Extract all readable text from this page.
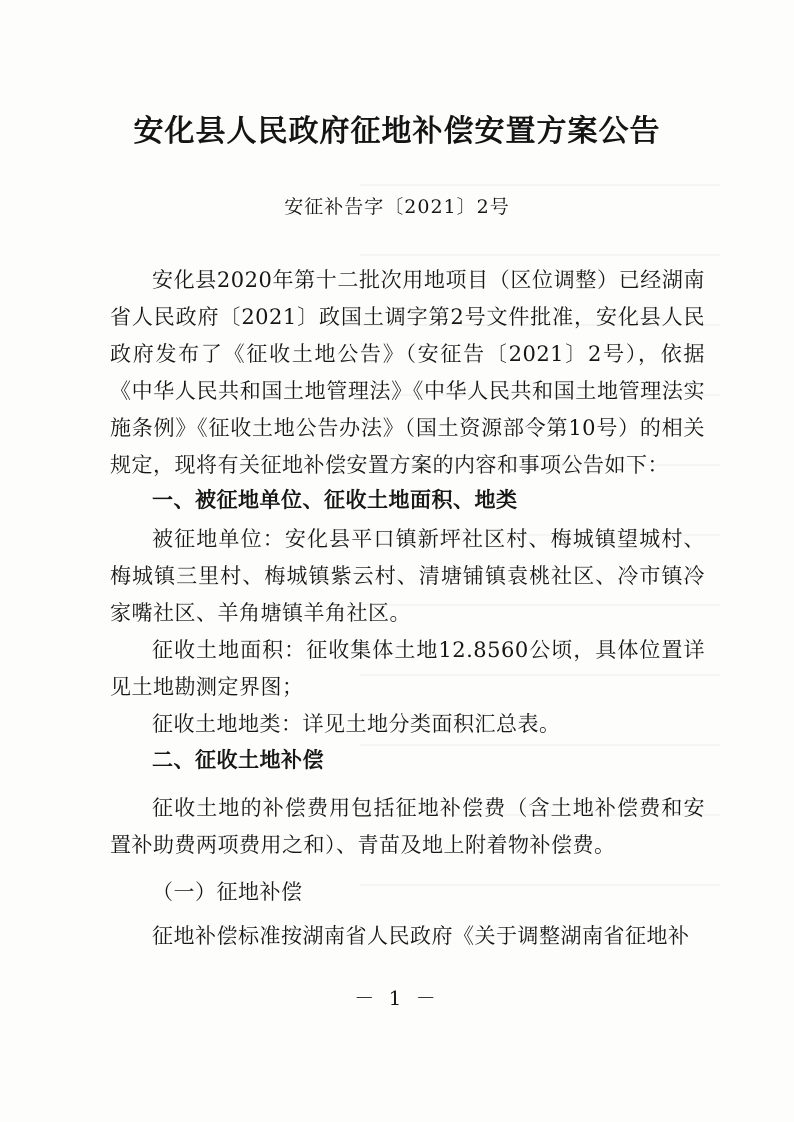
安化县人民政府征地补偿安置方案公告
安征补告字〔2021〕2号
安化县2020年第十二批次用地项目（区位调整）已经湖南省人民政府〔2021〕政国土调字第2号文件批准，安化县人民政府发布了《征收土地公告》（安征告〔2021〕2号），依据《中华人民共和国土地管理法》《中华人民共和国土地管理法实施条例》《征收土地公告办法》（国土资源部令第10号）的相关规定，现将有关征地补偿安置方案的内容和事项公告如下：
一、被征地单位、征收土地面积、地类
被征地单位：安化县平口镇新坪社区村、梅城镇望城村、梅城镇三里村、梅城镇紫云村、清塘铺镇袁桃社区、冷市镇冷家嘴社区、羊角塘镇羊角社区。
征收土地面积：征收集体土地12.8560公顷，具体位置详见土地勘测定界图；
征收土地地类：详见土地分类面积汇总表。
二、征收土地补偿
征收土地的补偿费用包括征地补偿费（含土地补偿费和安置补助费两项费用之和）、青苗及地上附着物补偿费。
（一）征地补偿
征地补偿标准按湖南省人民政府《关于调整湖南省征地补
－ 1 －
